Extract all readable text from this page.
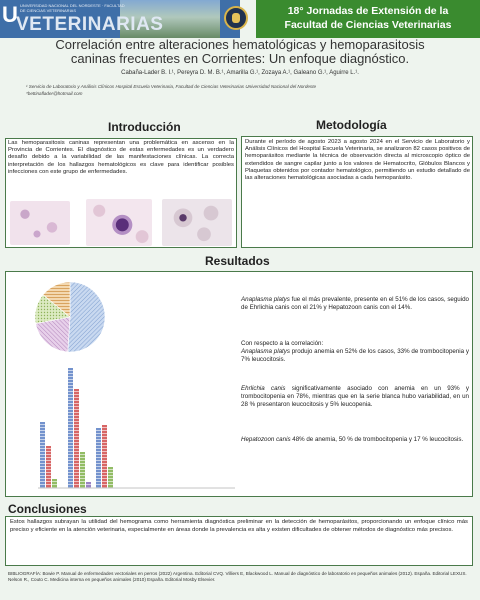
U UNIVERSIDAD NACIONAL DEL NORDESTE · FACULTAD DE CIENCIAS VETERINARIAS
VETERINARIAS
18° Jornadas de Extensión de la
Facultad de Ciencias Veterinarias
Correlación entre alteraciones hematológicas y hemoparasitosis
caninas frecuentes en Corrientes: Un enfoque diagnóstico.
Cabaña-Lader B. I.¹, Pereyra D. M. B.¹, Amarilla G.¹, Zozaya A.¹, Galeano G.¹, Aguirre L.¹.
¹ Servicio de Laboratorio y Análisis Clínicos Hospital Escuela Veterinaria, Facultad de Ciencias Veterinarias Universidad Nacional del Nordeste
*bettinaflader@hotmail.com
Introducción
Las hemoparasitosis caninas representan una problemática en ascenso en la Provincia de Corrientes. El diagnóstico de estas enfermedades es un verdadero desafío debido a la variabilidad de las manifestaciones clínicas. La correcta interpretación de los hallazgos hematológicos es clave para identificar posibles infecciones con este grupo de enfermedades.
Metodología
Durante el período de agosto 2023 a agosto 2024 en el Servicio de Laboratorio y Análisis Clínicos del Hospital Escuela Veterinaria, se analizaron 82 casos positivos de hemoparásitos mediante la técnica de observación directa al microscopio óptico de extendidos de sangre capilar junto a los valores de Hematocrito, Glóbulos Blancos y Plaquetas obtenidos por contador hematológico, permitiendo un estudio detallado de las alteraciones hematológicas asociadas a cada hemoparásito.
Resultados
Anaplasma platys fue el más prevalente, presente en el 51% de los casos, seguido de Ehrlichia canis con el 21% y Hepatozoon canis con el 14%.
Con respecto a la correlación:
Anaplasma platys produjo anemia en 52% de los casos, 33% de trombocitopenia y 7% leucocitosis.
Ehrlichia canis significativamente asociado con anemia en un 93% y trombocitopenia en 78%, mientras que en la serie blanca hubo variabilidad, en un 28 % presentaron leucocitosis y 5% leucopenia.
Hepatozoon canis 48% de anemia, 50 % de trombocitopenia y 17 % leucocitosis.
Conclusiones
Estos hallazgos subrayan la utilidad del hemograma como herramienta diagnóstica preliminar en la detección de hemoparásitos, proporcionando un enfoque clínico más preciso y eficiente en la atención veterinaria, especialmente en áreas donde la prevalencia es alta y existen dificultades de obtener métodos de diagnóstico más precisos.
BIBLIOGRAFÍA: Bowie P. Manual de enfermedades vectoriales en perros (2022) Argentina. Editorial CVQ. Villiers E, Blackwood L. Manual de diagnóstico de laboratorio en pequeños animales (2012). España. Editorial LEXUS. Nelson R., Couto C. Medicina interna en pequeños animales (2010) España. Editorial Mosby Elsevier.
